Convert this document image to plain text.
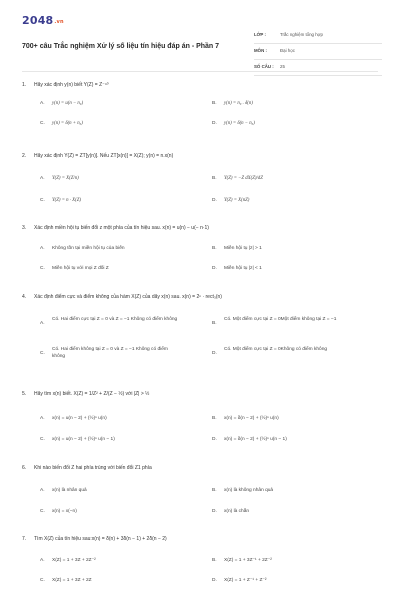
2048.vn
700+ câu Trắc nghiệm Xử lý số liệu tín hiệu đáp án - Phần 7
LỚP :	Trắc nghiệm tổng hợp
MÔN :	Đại học
SỐ CÂU : 25
1. Hãy xác định y(n) biết Y(Z) = Z⁻ⁿ⁰
A. y(n) = u(n − n₀)	B. y(n) = n₀ . δ(n)
C. y(n) = δ(n + n₀)	D. y(n) = δ(n − n₀)
2. Hãy xác định Y(Z) = ZT[y(n)]. Nếu ZT[x(n)] = X(Z); y(n) = n.x(n)
A. Y(Z) = X(Z/n)	B. Y(Z) = −Z dX(Z)/dZ
C. Y(Z) = n · X(Z)	D. Y(Z) = X(nZ)
3. Xác định miền hội tụ biến đổi z một phía của tín hiệu sau. x(n) = u(n) − u(− n·1)
A. Không tồn tại miền hội tụ của biến	B. Miền hội tụ |z| > 1
C. Miền hội tụ với mọi Z đối Z	D. Miền hội tụ |z| < 1
4. Xác định điểm cực và điểm không của hàm X(Z) của dãy x(n) sau. x(n) = 2ⁿ · rect₃(n)
A.
Có. Hai điểm cực tại Z = 0 và Z = −1 Không có điểm không
B.
Có. Một điểm cực tại Z = 0Một điểm không tại Z = −1
C.
Có. Hai điểm không tại Z = 0 và Z = −1 Không có điểm không
D.
Có. Một điểm cực tại Z = 0Không có điểm không
5. Hãy tìm x(n) biết. X(Z) = 1/Z² + Z/(Z − ½) với |Z| > ½
A. x(n) = u(n − 2) + (½)ⁿ u(n)	B. x(n) = δ(n − 2) + (½)ⁿ u(n)
C. x(n) = u(n − 2) + (½)ⁿ u(n − 1)	D. x(n) = δ(n − 2) + (½)ⁿ u(n − 1)
6. Khi nào biến đổi Z hai phía trùng với biến đổi Z1 phía
A. x(n) là nhân quả	B. x(n) là không nhân quả
C. x(n) = x(−n)	D. x(n) là chẵn
7. Tìm X(Z) của tín hiệu sau:x(n) = δ(n) + 3δ(n − 1) + 2δ(n − 2)
A. X(Z) = 1 + 3Z + 2Z⁻²	B. X(Z) = 1 + 3Z⁻¹ + 2Z⁻²
C. X(Z) = 1 + 3Z + 2Z	D. X(Z) = 1 + Z⁻¹ + Z⁻²
